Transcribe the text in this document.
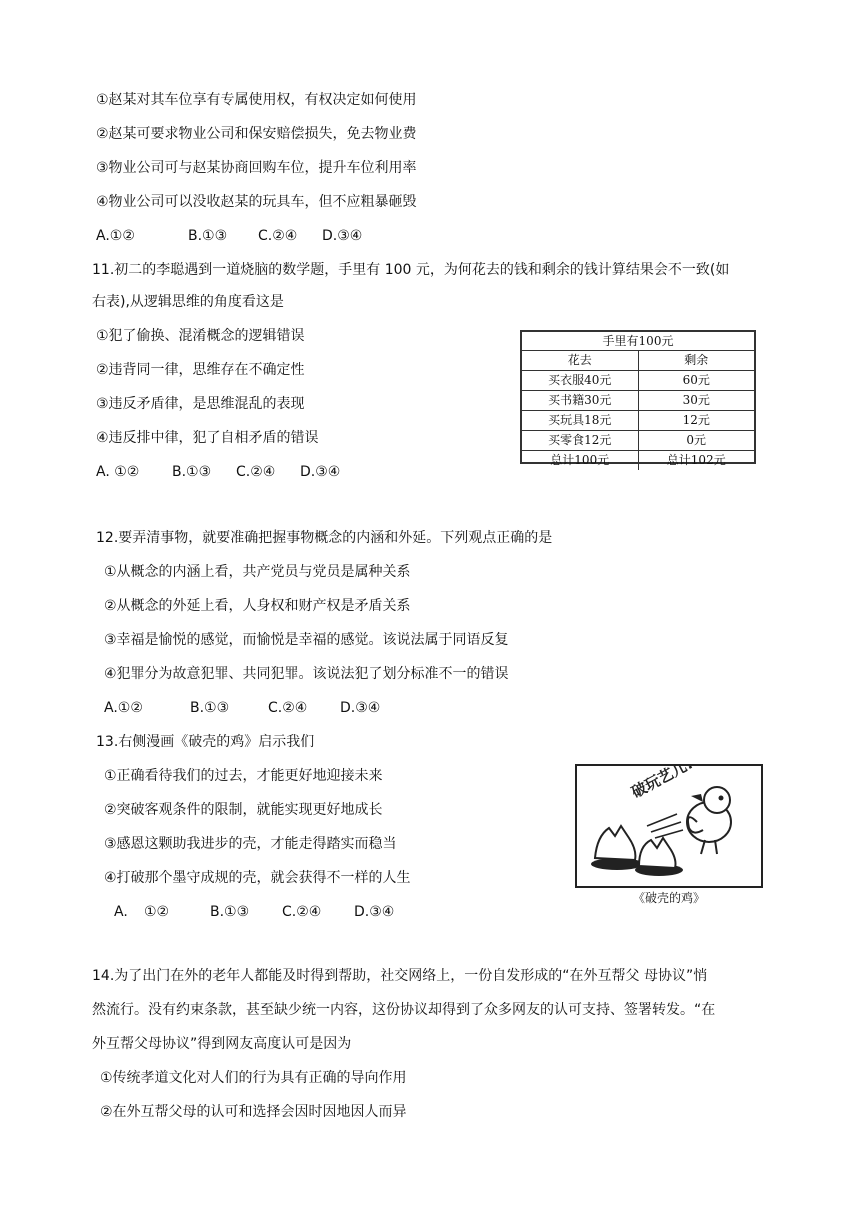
①赵某对其车位享有专属使用权，有权决定如何使用
②赵某可要求物业公司和保安赔偿损失，免去物业费
③物业公司可与赵某协商回购车位，提升车位利用率
④物业公司可以没收赵某的玩具车，但不应粗暴砸毁
A.①②	B.①③ C.②④ D.③④
11.初二的李聪遇到一道烧脑的数学题，手里有 100 元，为何花去的钱和剩余的钱计算结果会不一致(如
右表),从逻辑思维的角度看这是
①犯了偷换、混淆概念的逻辑错误
②违背同一律，思维存在不确定性
③违反矛盾律，是思维混乱的表现
④违反排中律，犯了自相矛盾的错误
A. ①② B.①③ C.②④ D.③④
手里有100元
花去	剩余
买衣服40元	60元
买书籍30元	30元
买玩具18元	12元
买零食12元	0元
总计100元	总计102元
12.要弄清事物，就要准确把握事物概念的内涵和外延。下列观点正确的是
①从概念的内涵上看，共产党员与党员是属种关系
②从概念的外延上看，人身权和财产权是矛盾关系
③幸福是愉悦的感觉，而愉悦是幸福的感觉。该说法属于同语反复
④犯罪分为故意犯罪、共同犯罪。该说法犯了划分标准不一的错误
A.①②	B.①③	C.②④ D.③④
13.右侧漫画《破壳的鸡》启示我们
①正确看待我们的过去，才能更好地迎接未来
②突破客观条件的限制，就能实现更好地成长
③感恩这颗助我进步的壳，才能走得踏实而稳当
④打破那个墨守成规的壳，就会获得不一样的人生
A. ①②	B.①③ C.②④ D.③④
破玩艺儿!
《破壳的鸡》
14.为了出门在外的老年人都能及时得到帮助，社交网络上，一份自发形成的“在外互帮父 母协议”悄
然流行。没有约束条款，甚至缺少统一内容，这份协议却得到了众多网友的认可支持、签署转发。“在
外互帮父母协议”得到网友高度认可是因为
①传统孝道文化对人们的行为具有正确的导向作用
②在外互帮父母的认可和选择会因时因地因人而异
